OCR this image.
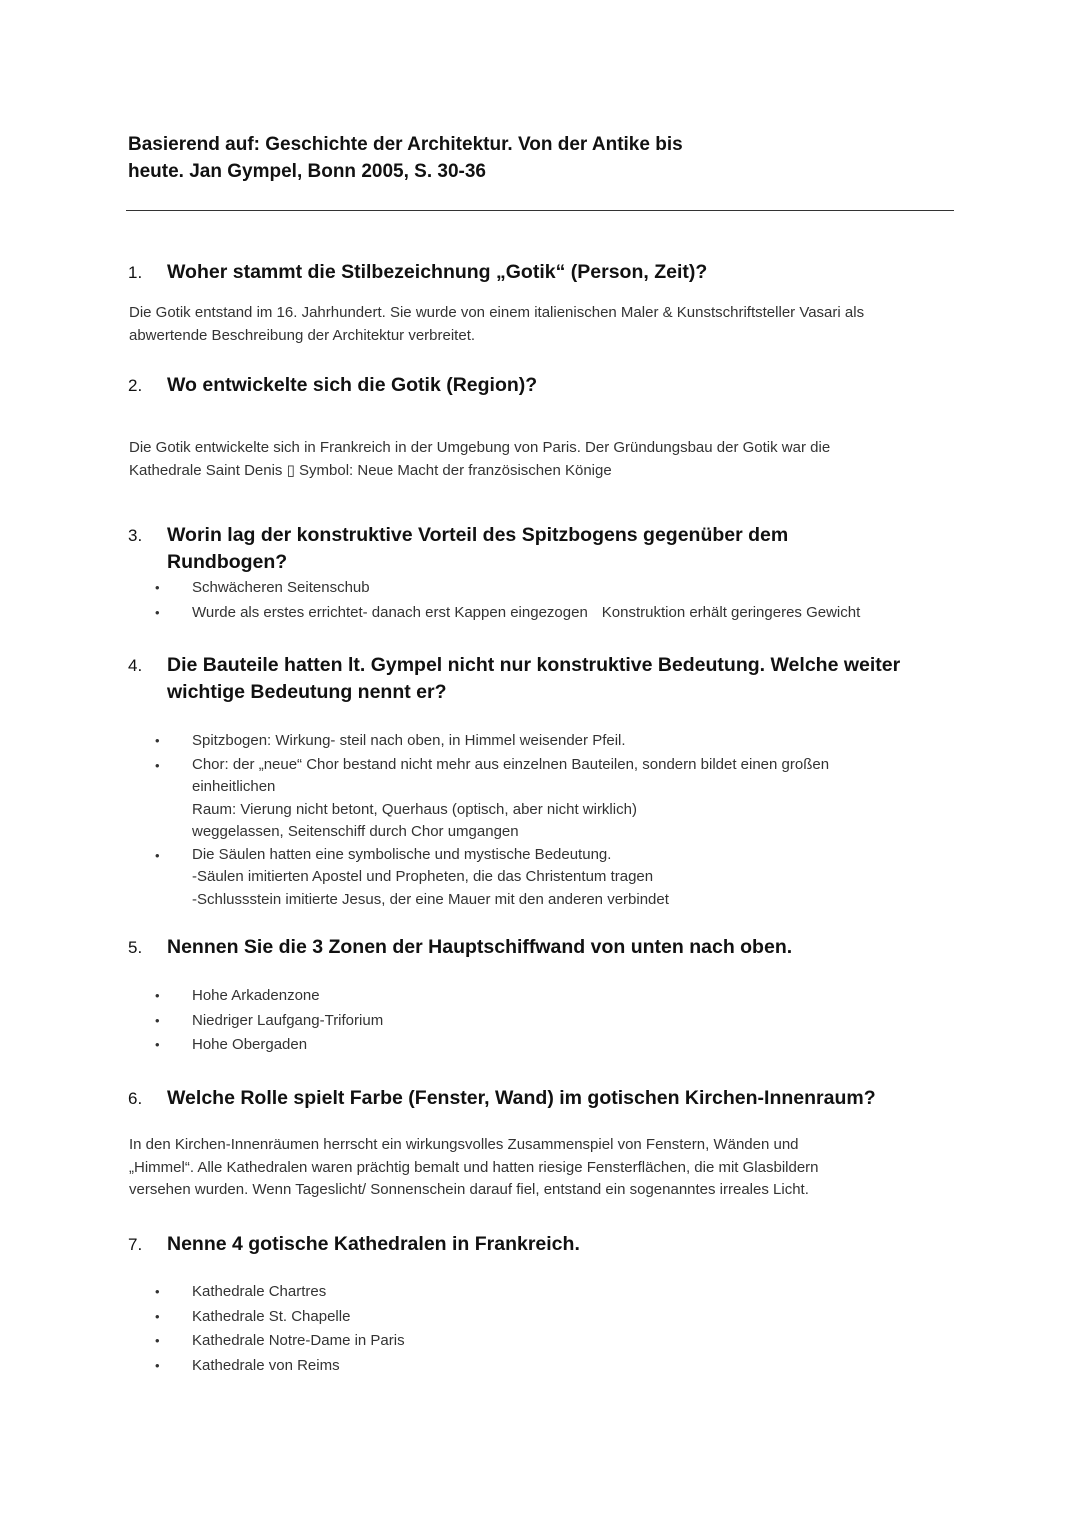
Basierend auf: Geschichte der Architektur. Von der Antike bis
heute. Jan Gympel, Bonn 2005, S. 30-36
1. Woher stammt die Stilbezeichnung „Gotik“ (Person, Zeit)?
Die Gotik entstand im 16. Jahrhundert. Sie wurde von einem italienischen Maler & Kunstschriftsteller Vasari als
abwertende Beschreibung der Architektur verbreitet.
2. Wo entwickelte sich die Gotik (Region)?
Die Gotik entwickelte sich in Frankreich in der Umgebung von Paris. Der Gründungsbau der Gotik war die
Kathedrale Saint Denis ▯ Symbol: Neue Macht der französischen Könige
3. Worin lag der konstruktive Vorteil des Spitzbogens gegenüber dem
Rundbogen?
• Schwächeren Seitenschub
• Wurde als erstes errichtet- danach erst Kappen eingezogen Konstruktion erhält geringeres Gewicht
4. Die Bauteile hatten lt. Gympel nicht nur konstruktive Bedeutung. Welche weiter
wichtige Bedeutung nennt er?
• Spitzbogen: Wirkung- steil nach oben, in Himmel weisender Pfeil.
• Chor: der „neue“ Chor bestand nicht mehr aus einzelnen Bauteilen, sondern bildet einen großen
einheitlichen
Raum: Vierung nicht betont, Querhaus (optisch, aber nicht wirklich)
weggelassen, Seitenschiff durch Chor umgangen
• Die Säulen hatten eine symbolische und mystische Bedeutung.
-Säulen imitierten Apostel und Propheten, die das Christentum tragen
-Schlussstein imitierte Jesus, der eine Mauer mit den anderen verbindet
5. Nennen Sie die 3 Zonen der Hauptschiffwand von unten nach oben.
• Hohe Arkadenzone
• Niedriger Laufgang-Triforium
• Hohe Obergaden
6. Welche Rolle spielt Farbe (Fenster, Wand) im gotischen Kirchen-Innenraum?
In den Kirchen-Innenräumen herrscht ein wirkungsvolles Zusammenspiel von Fenstern, Wänden und
„Himmel“. Alle Kathedralen waren prächtig bemalt und hatten riesige Fensterflächen, die mit Glasbildern
versehen wurden. Wenn Tageslicht/ Sonnenschein darauf fiel, entstand ein sogenanntes irreales Licht.
7. Nenne 4 gotische Kathedralen in Frankreich.
• Kathedrale Chartres
• Kathedrale St. Chapelle
• Kathedrale Notre-Dame in Paris
• Kathedrale von Reims
